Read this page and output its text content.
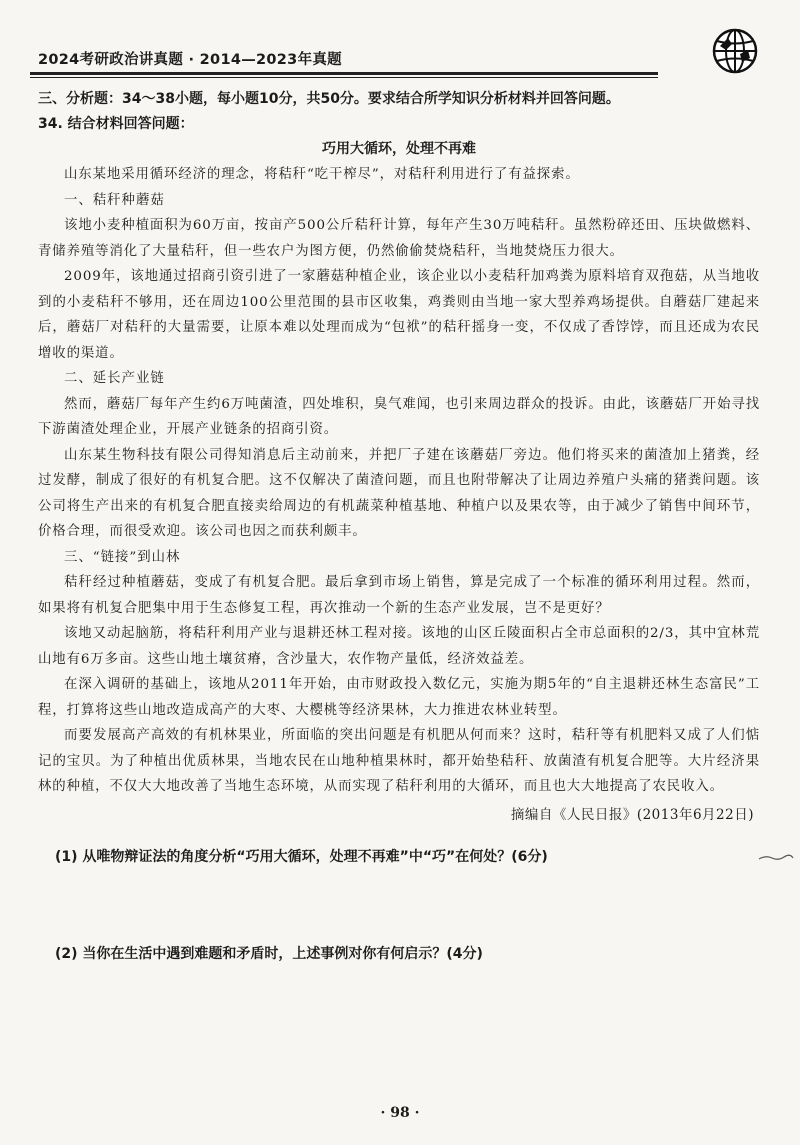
2024考研政治讲真题 · 2014—2023年真题
三、分析题：34～38小题，每小题10分，共50分。要求结合所学知识分析材料并回答问题。
34. 结合材料回答问题：
巧用大循环，处理不再难

山东某地采用循环经济的理念，将秸秆“吃干榨尽”，对秸秆利用进行了有益探索。

一、秸秆种蘑菇

该地小麦种植面积为60万亩，按亩产500公斤秸秆计算，每年产生30万吨秸秆。虽然粉碎还田、压块做燃料、青储养殖等消化了大量秸秆，但一些农户为图方便，仍然偷偷焚烧秸秆，当地焚烧压力很大。

2009年，该地通过招商引资引进了一家蘑菇种植企业，该企业以小麦秸秆加鸡粪为原料培育双孢菇，从当地收到的小麦秸秆不够用，还在周边100公里范围的县市区收集，鸡粪则由当地一家大型养鸡场提供。自蘑菇厂建起来后，蘑菇厂对秸秆的大量需要，让原本难以处理而成为“包袱”的秸秆摇身一变，不仅成了香饽饽，而且还成为农民增收的渠道。

二、延长产业链

然而，蘑菇厂每年产生约6万吨菌渣，四处堆积，臭气难闻，也引来周边群众的投诉。由此，该蘑菇厂开始寻找下游菌渣处理企业，开展产业链条的招商引资。

山东某生物科技有限公司得知消息后主动前来，并把厂子建在该蘑菇厂旁边。他们将买来的菌渣加上猪粪，经过发酵，制成了很好的有机复合肥。这不仅解决了菌渣问题，而且也附带解决了让周边养殖户头痛的猪粪问题。该公司将生产出来的有机复合肥直接卖给周边的有机蔬菜种植基地、种植户以及果农等，由于减少了销售中间环节，价格合理，而很受欢迎。该公司也因之而获利颇丰。

三、“链接”到山林

秸秆经过种植蘑菇，变成了有机复合肥。最后拿到市场上销售，算是完成了一个标准的循环利用过程。然而，如果将有机复合肥集中用于生态修复工程，再次推动一个新的生态产业发展，岂不是更好？

该地又动起脑筋，将秸秆利用产业与退耕还林工程对接。该地的山区丘陵面积占全市总面积的2/3，其中宜林荒山地有6万多亩。这些山地土壤贫瘠，含沙量大，农作物产量低，经济效益差。

在深入调研的基础上，该地从2011年开始，由市财政投入数亿元，实施为期5年的“自主退耕还林生态富民”工程，打算将这些山地改造成高产的大枣、大樱桃等经济果林，大力推进农林业转型。

而要发展高产高效的有机林果业，所面临的突出问题是有机肥从何而来？这时，秸秆等有机肥料又成了人们惦记的宝贝。为了种植出优质林果，当地农民在山地种植果林时，都开始垫秸秆、放菌渣有机复合肥等。大片经济果林的种植，不仅大大地改善了当地生态环境，从而实现了秸秆利用的大循环，而且也大大地提高了农民收入。

摘编自《人民日报》(2013年6月22日)
(1) 从唯物辩证法的角度分析“巧用大循环，处理不再难”中“巧”在何处？(6分)
(2) 当你在生活中遇到难题和矛盾时，上述事例对你有何启示？(4分)
· 98 ·
